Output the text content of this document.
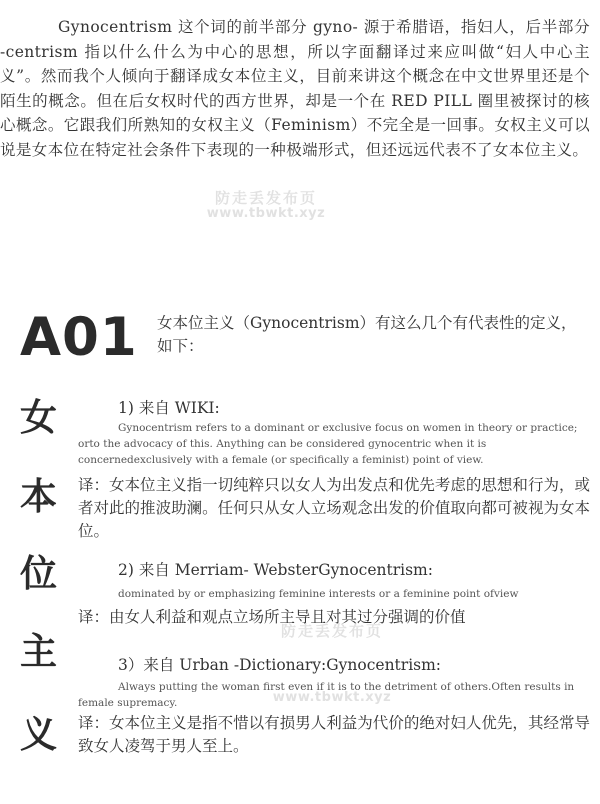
Gynocentrism 这个词的前半部分 gyno- 源于希腊语，指妇人，后半部分 -centrism 指以什么什么为中心的思想，所以字面翻译过来应叫做“妇人中心主义”。然而我个人倾向于翻译成女本位主义，目前来讲这个概念在中文世界里还是个陌生的概念。但在后女权时代的西方世界，却是一个在 RED PILL 圈里被探讨的核心概念。它跟我们所熟知的女权主义（Feminism）不完全是一回事。女权主义可以说是女本位在特定社会条件下表现的一种极端形式，但还远远代表不了女本位主义。

防走丢发布页
www.tbwkt.xyz
A01 女本位主义（Gynocentrism）有这么几个有代表性的定义，如下：

女
本
位
主
义

1) 来自 WIKI:

Gynocentrism refers to a dominant or exclusive focus on women in theory or practice; orto the advocacy of this. Anything can be considered gynocentric when it is concernedexclusively with a female (or specifically a feminist) point of view.

译：女本位主义指一切纯粹只以女人为出发点和优先考虑的思想和行为，或者对此的推波助澜。任何只从女人立场观念出发的价值取向都可被视为女本位。

2) 来自 Merriam- WebsterGynocentrism:

dominated by or emphasizing feminine interests or a feminine point ofview

译：由女人利益和观点立场所主导且对其过分强调的价值

防走丢发布页

3）来自 Urban -Dictionary:Gynocentrism:

Always putting the woman first even if it is to the detriment of others.Often results in female supremacy.

译：女本位主义是指不惜以有损男人利益为代价的绝对妇人优先，其经常导致女人凌驾于男人至上。

www.tbwkt.xyz
